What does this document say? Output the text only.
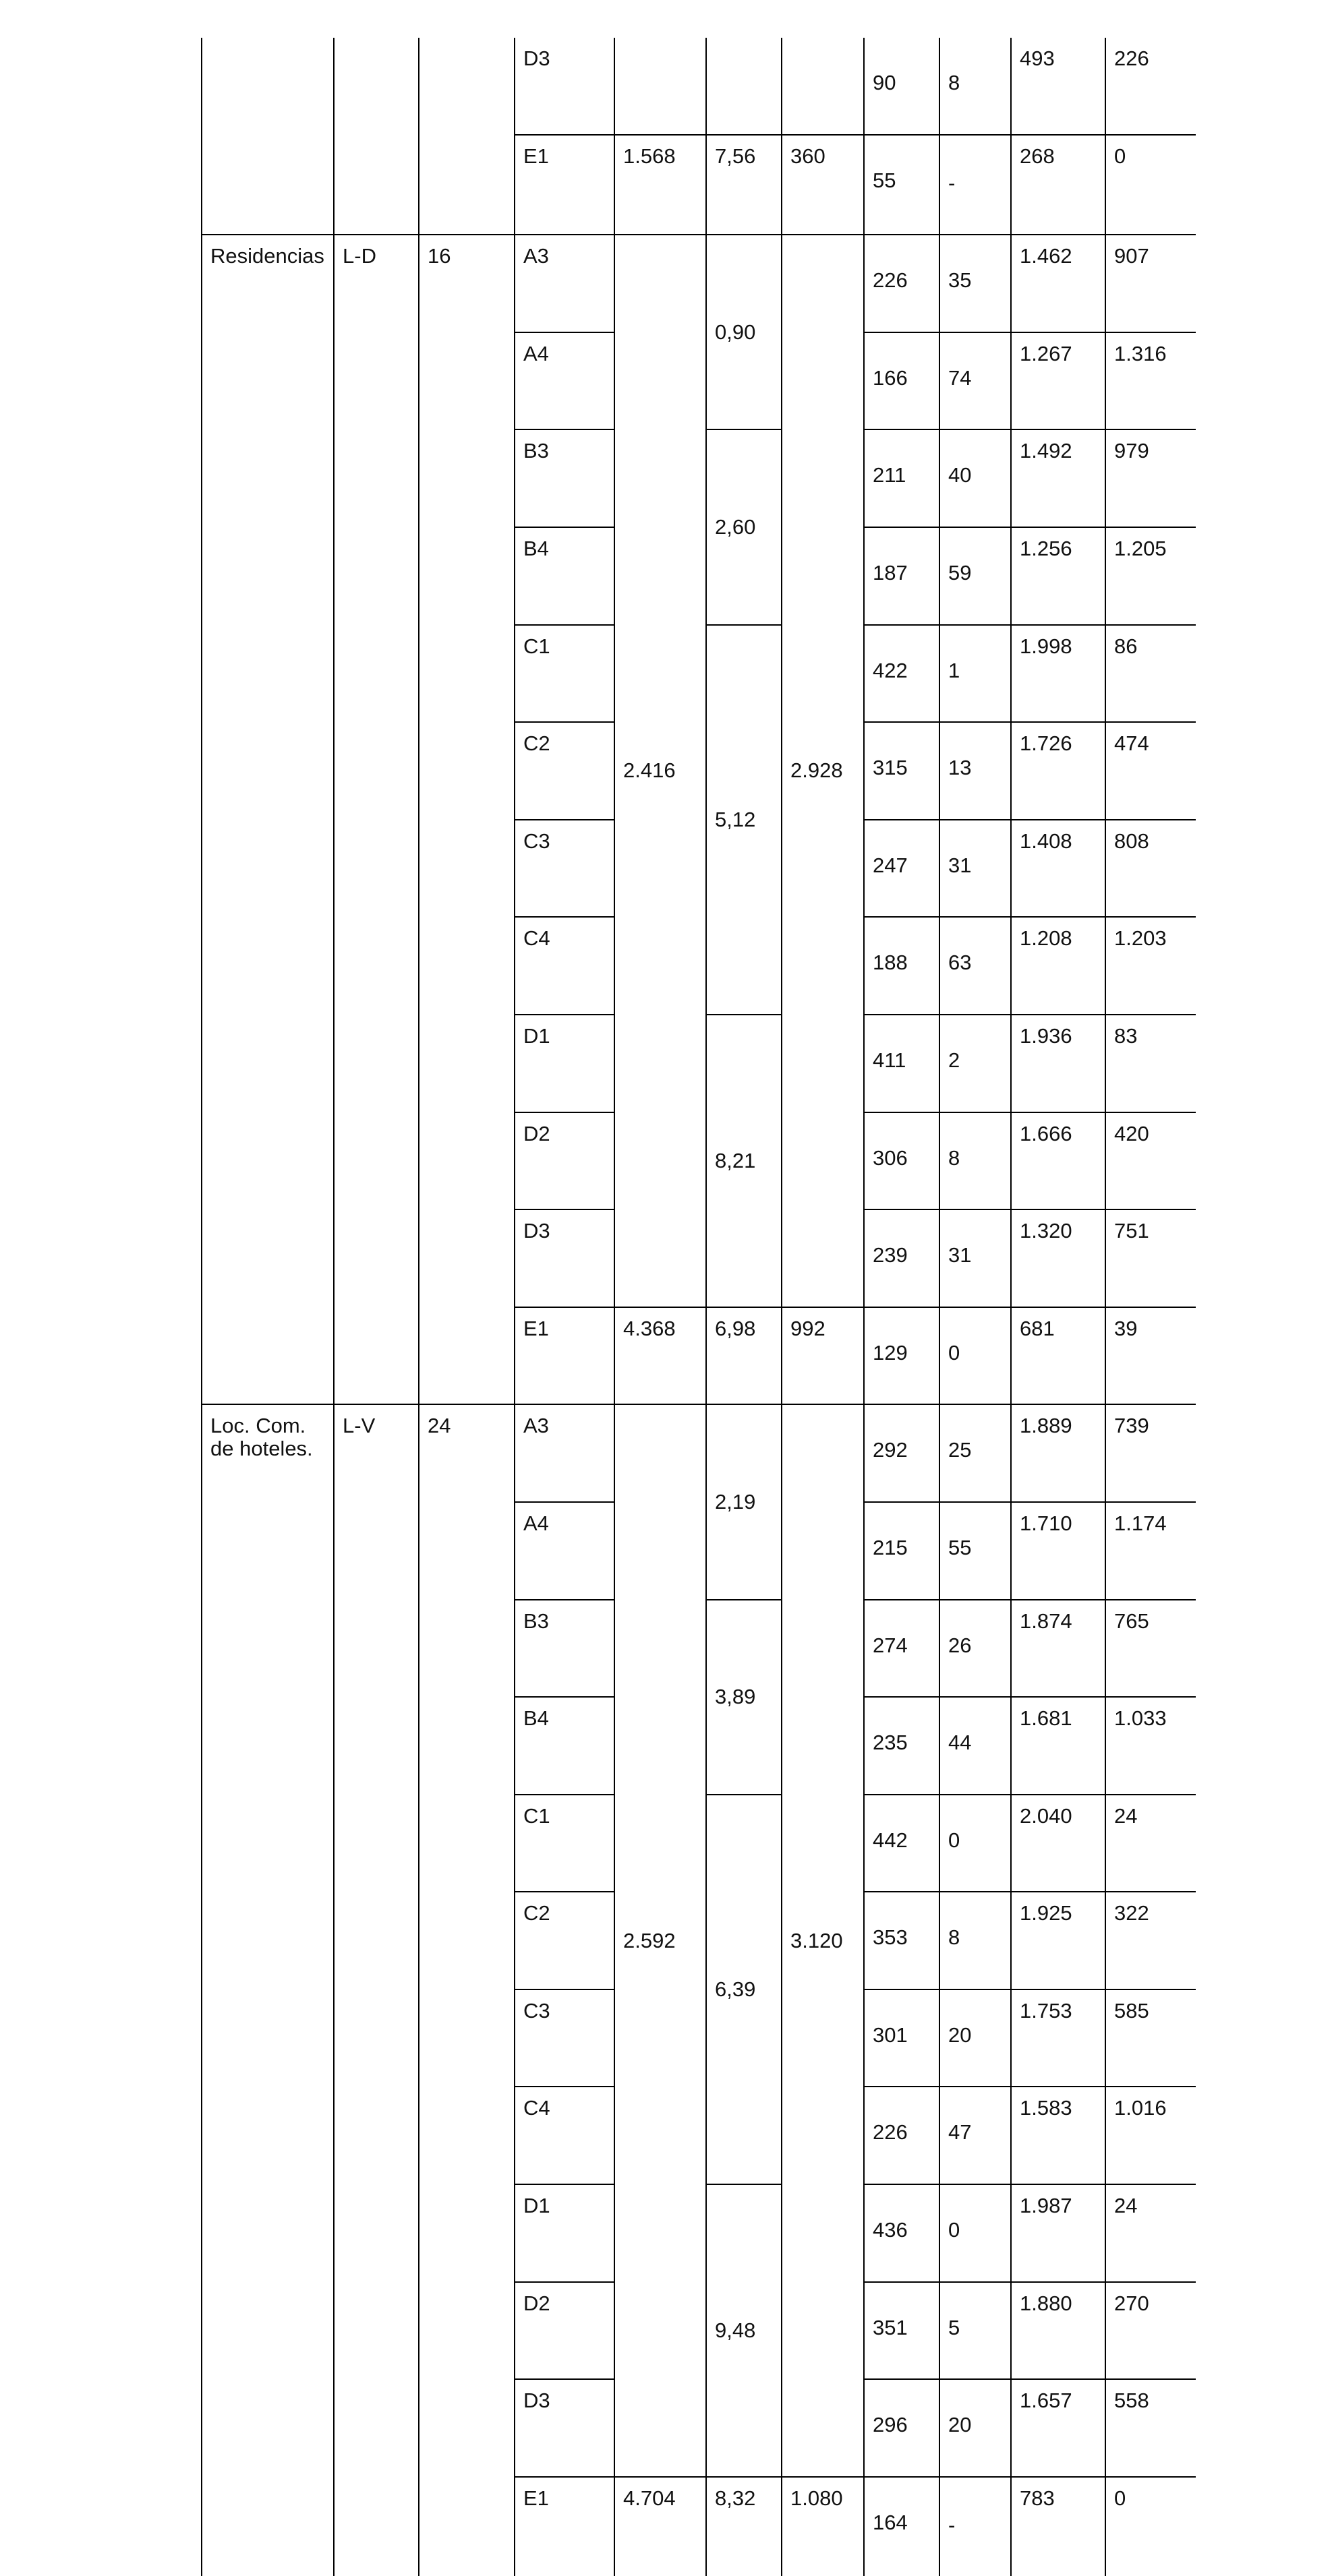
			D3				90	8	493	226
			E1	1.568	7,56	360	55	-	268	0
Residencias	L-D	16	A3	2.416	0,90	2.928	226	35	1.462	907
			A4				166	74	1.267	1.316
			B3		2,60		211	40	1.492	979
			B4				187	59	1.256	1.205
			C1		5,12		422	1	1.998	86
			C2				315	13	1.726	474
			C3				247	31	1.408	808
			C4				188	63	1.208	1.203
			D1		8,21		411	2	1.936	83
			D2				306	8	1.666	420
			D3				239	31	1.320	751
			E1	4.368	6,98	992	129	0	681	39
Loc. Com. de hoteles.	L-V	24	A3	2.592	2,19	3.120	292	25	1.889	739
			A4				215	55	1.710	1.174
			B3		3,89		274	26	1.874	765
			B4				235	44	1.681	1.033
			C1		6,39		442	0	2.040	24
			C2				353	8	1.925	322
			C3				301	20	1.753	585
			C4				226	47	1.583	1.016
			D1		9,48		436	0	1.987	24
			D2				351	5	1.880	270
			D3				296	20	1.657	558
			E1	4.704	8,32	1.080	164	-	783	0
